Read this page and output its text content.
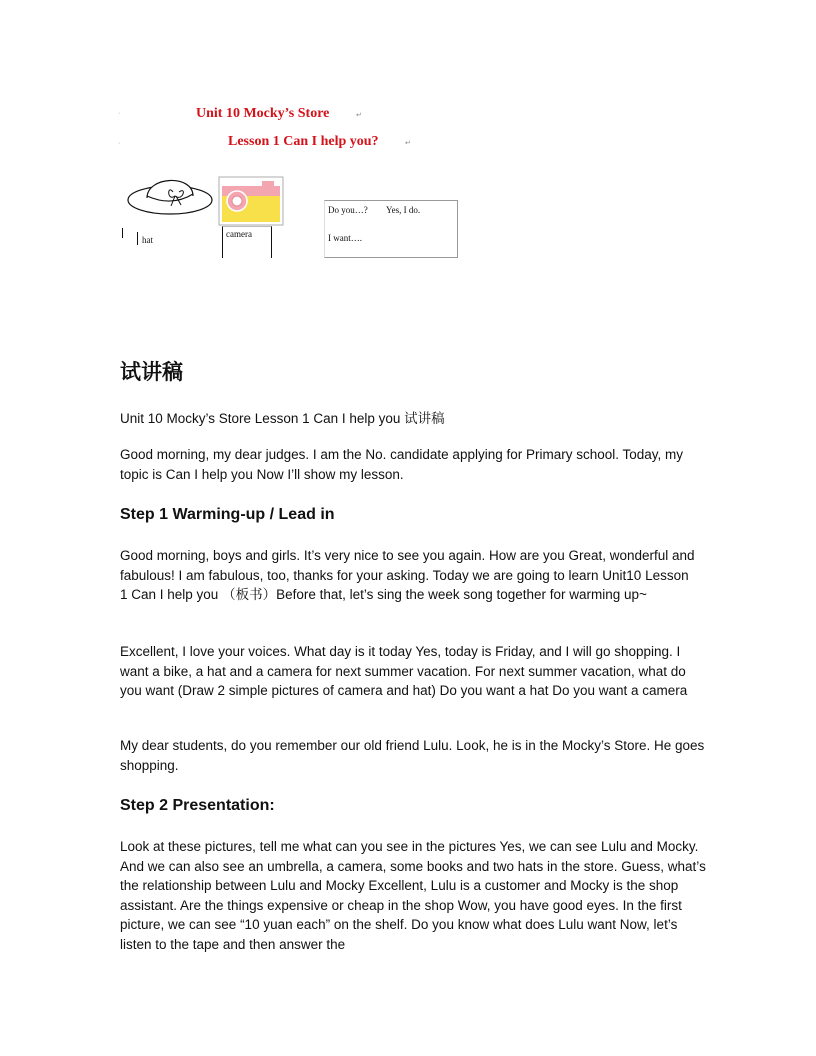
·	Unit 10 Mocky’s Store	↵
·	Lesson 1 Can I help you?	↵
hat
camera
Do you…? Yes, I do.
I want….
试讲稿
Unit 10 Mocky’s Store Lesson 1 Can I help you 试讲稿
Good morning, my dear judges. I am the No. candidate applying for Primary school. Today, my topic is Can I help you Now I’ll show my lesson.
Step 1 Warming-up / Lead in
Good morning, boys and girls. It’s very nice to see you again. How are you Great, wonderful and fabulous! I am fabulous, too, thanks for your asking. Today we are going to learn Unit10 Lesson 1 Can I help you （板书）Before that, let’s sing the week song together for warming up~
Excellent, I love your voices. What day is it today Yes, today is Friday, and I will go shopping. I want a bike, a hat and a camera for next summer vacation. For next summer vacation, what do you want (Draw 2 simple pictures of camera and hat) Do you want a hat Do you want a camera
My dear students, do you remember our old friend Lulu. Look, he is in the Mocky’s Store. He goes shopping.
Step 2 Presentation:
Look at these pictures, tell me what can you see in the pictures Yes, we can see Lulu and Mocky. And we can also see an umbrella, a camera, some books and two hats in the store. Guess, what’s the relationship between Lulu and Mocky Excellent, Lulu is a customer and Mocky is the shop assistant. Are the things expensive or cheap in the shop Wow, you have good eyes. In the first picture, we can see “10 yuan each” on the shelf. Do you know what does Lulu want Now, let’s listen to the tape and then answer the
